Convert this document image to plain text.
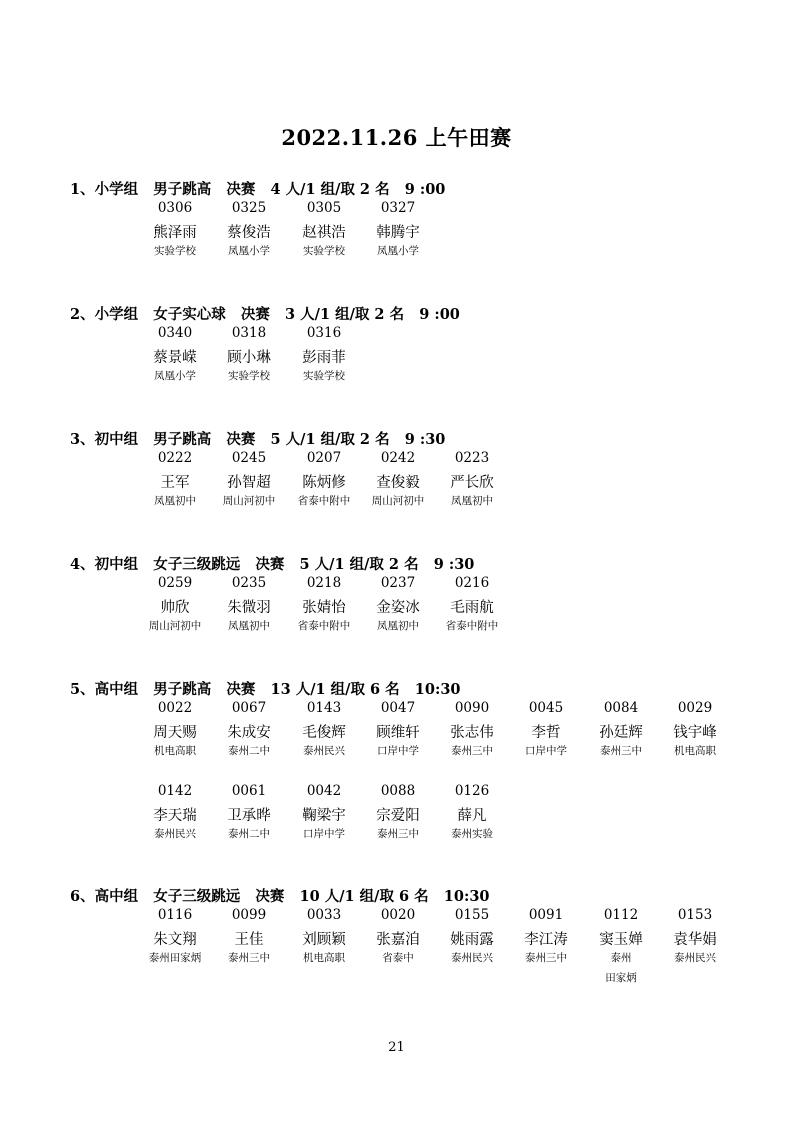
2022.11.26 上午田赛
1、小学组   男子跳高   决赛   4 人/1 组/取 2 名   9 :00
0306
熊泽雨
实验学校
0325
蔡俊浩
凤凰小学
0305
赵祺浩
实验学校
0327
韩腾宇
凤凰小学
2、小学组   女子实心球   决赛   3 人/1 组/取 2 名   9 :00
0340
蔡景嵘
凤凰小学
0318
顾小琳
实验学校
0316
彭雨菲
实验学校
3、初中组   男子跳高   决赛   5 人/1 组/取 2 名   9 :30
0222
王军
凤凰初中
0245
孙智超
周山河初中
0207
陈炳修
省泰中附中
0242
查俊毅
周山河初中
0223
严长欣
凤凰初中
4、初中组   女子三级跳远   决赛   5 人/1 组/取 2 名   9 :30
0259
帅欣
周山河初中
0235
朱微羽
凤凰初中
0218
张婧怡
省泰中附中
0237
金姿冰
凤凰初中
0216
毛雨航
省泰中附中
5、高中组   男子跳高   决赛   13 人/1 组/取 6 名   10:30
0022
周天赐
机电高职
0067
朱成安
泰州二中
0143
毛俊辉
泰州民兴
0047
顾维轩
口岸中学
0090
张志伟
泰州三中
0045
李哲
口岸中学
0084
孙廷辉
泰州三中
0029
钱宇峰
机电高职
0142
李天瑞
泰州民兴
0061
卫承晔
泰州二中
0042
鞠梁宇
口岸中学
0088
宗爱阳
泰州三中
0126
薛凡
泰州实验
6、高中组   女子三级跳远   决赛   10 人/1 组/取 6 名   10:30
0116
朱文翔
泰州田家炳
0099
王佳
泰州三中
0033
刘顾颖
机电高职
0020
张嘉洎
省泰中
0155
姚雨露
泰州民兴
0091
李江涛
泰州三中
0112
窦玉婵
泰州
田家炳
0153
袁华娟
泰州民兴
21
